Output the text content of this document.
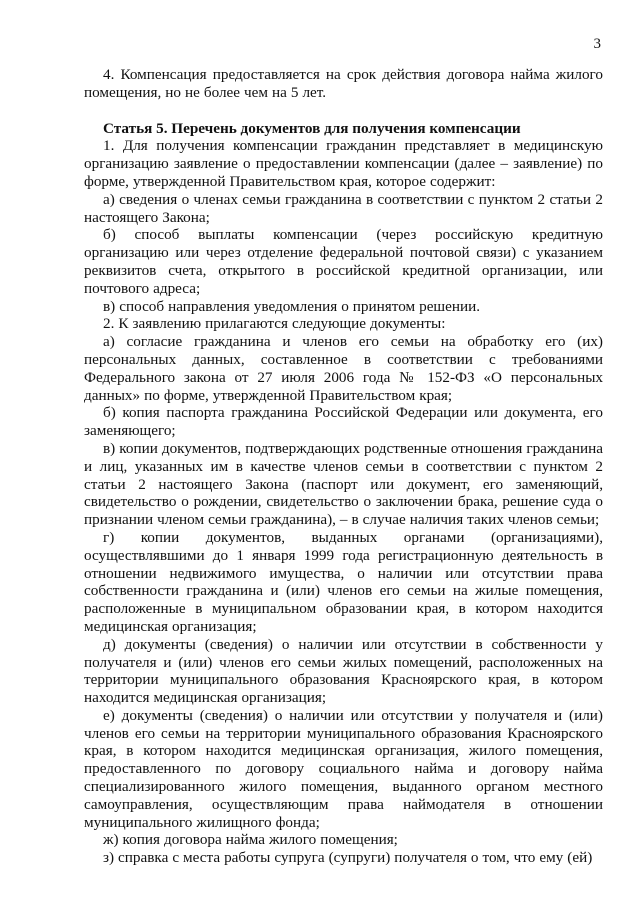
3

4. Компенсация предоставляется на срок действия договора найма жилого помещения, но не более чем на 5 лет.

Статья 5. Перечень документов для получения компенсации

1. Для получения компенсации гражданин представляет в медицинскую организацию заявление о предоставлении компенсации (далее – заявление) по форме, утвержденной Правительством края, которое содержит:

а) сведения о членах семьи гражданина в соответствии с пунктом 2 статьи 2 настоящего Закона;

б) способ выплаты компенсации (через российскую кредитную организацию или через отделение федеральной почтовой связи) с указанием реквизитов счета, открытого в российской кредитной организации, или почтового адреса;

в) способ направления уведомления о принятом решении.

2. К заявлению прилагаются следующие документы:

а) согласие гражданина и членов его семьи на обработку его (их) персональных данных, составленное в соответствии с требованиями Федерального закона от 27 июля 2006 года № 152-ФЗ «О персональных данных» по форме, утвержденной Правительством края;

б) копия паспорта гражданина Российской Федерации или документа, его заменяющего;

в) копии документов, подтверждающих родственные отношения гражданина и лиц, указанных им в качестве членов семьи в соответствии с пунктом 2 статьи 2 настоящего Закона (паспорт или документ, его заменяющий, свидетельство о рождении, свидетельство о заключении брака, решение суда о признании членом семьи гражданина), – в случае наличия таких членов семьи;

г) копии документов, выданных органами (организациями), осуществлявшими до 1 января 1999 года регистрационную деятельность в отношении недвижимого имущества, о наличии или отсутствии права собственности гражданина и (или) членов его семьи на жилые помещения, расположенные в муниципальном образовании края, в котором находится медицинская организация;

д) документы (сведения) о наличии или отсутствии в собственности у получателя и (или) членов его семьи жилых помещений, расположенных на территории муниципального образования Красноярского края, в котором находится медицинская организация;

е) документы (сведения) о наличии или отсутствии у получателя и (или) членов его семьи на территории муниципального образования Красноярского края, в котором находится медицинская организация, жилого помещения, предоставленного по договору социального найма и договору найма специализированного жилого помещения, выданного органом местного самоуправления, осуществляющим права наймодателя в отношении муниципального жилищного фонда;

ж) копия договора найма жилого помещения;

з) справка с места работы супруга (супруги) получателя о том, что ему (ей)
